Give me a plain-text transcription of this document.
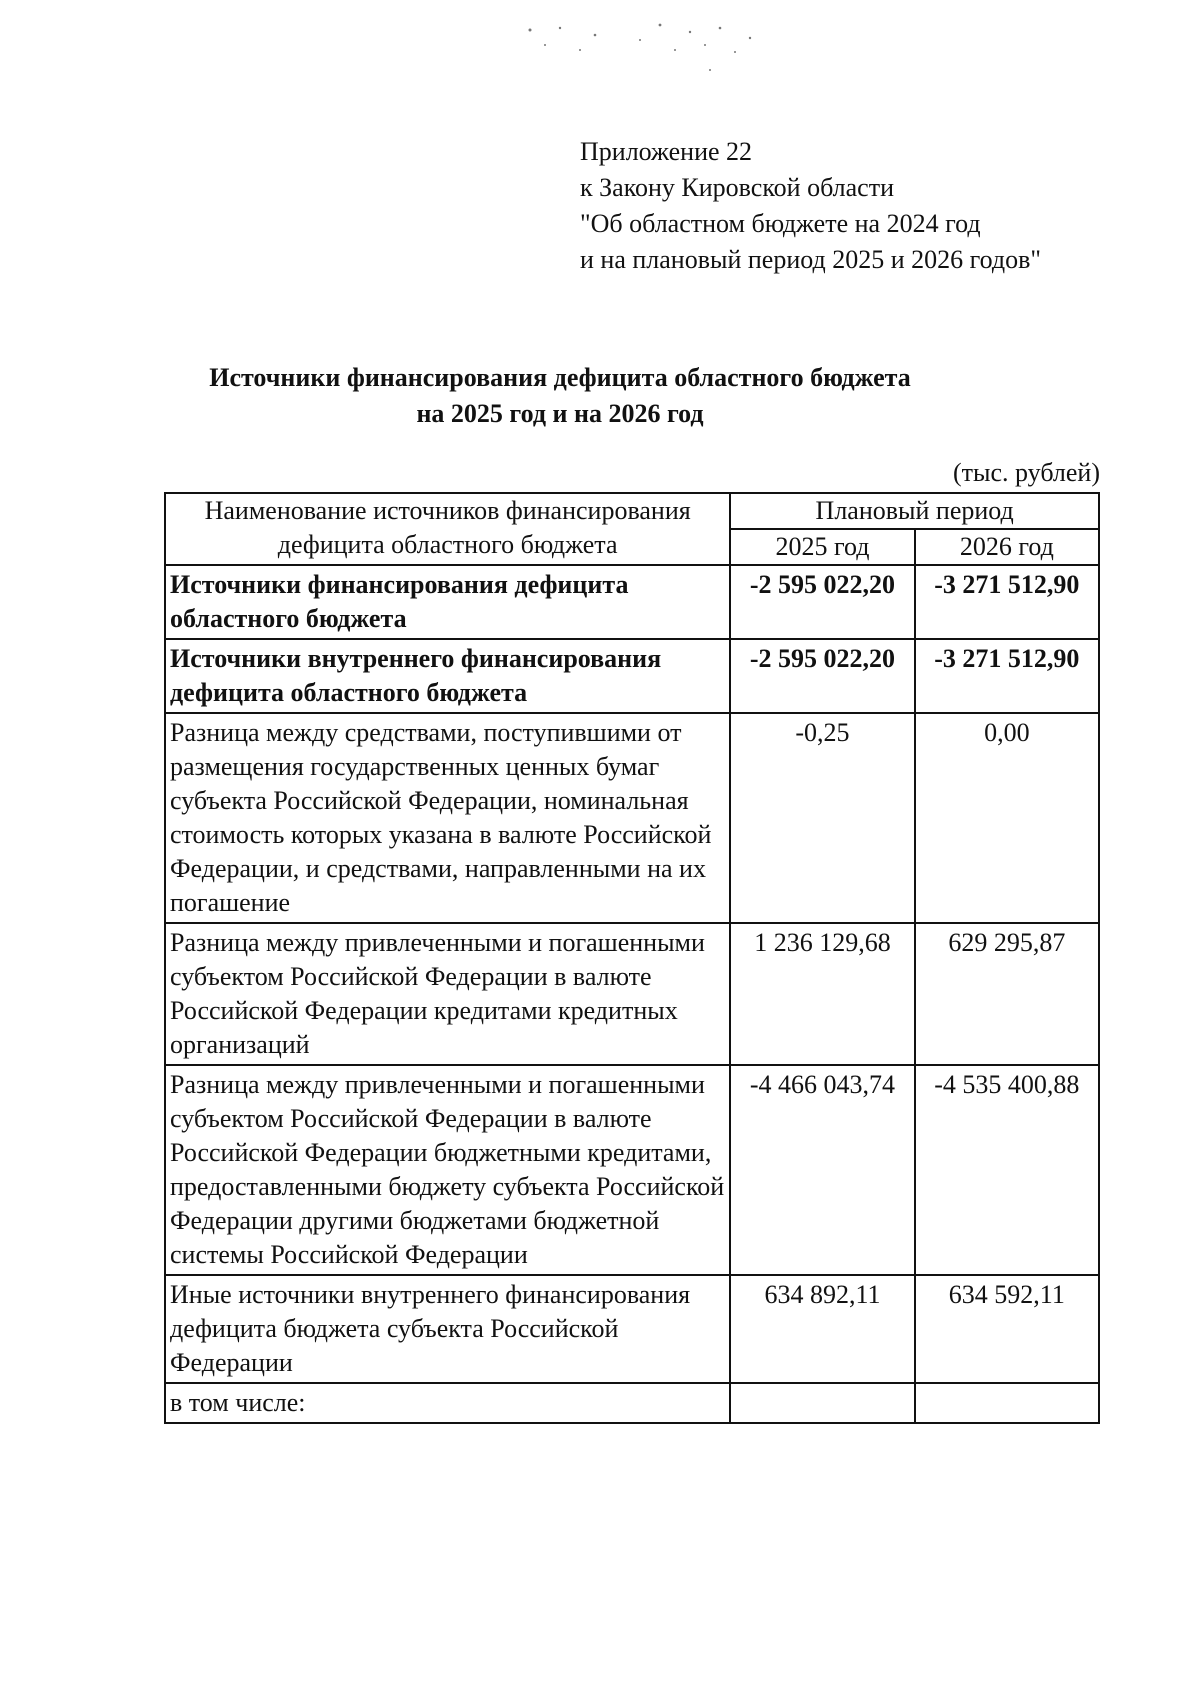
Приложение 22
к Закону Кировской области
"Об областном бюджете на 2024 год
и на плановый период 2025 и 2026 годов"
Источники финансирования дефицита областного бюджета
на 2025 год и на 2026 год
(тыс. рублей)
Наименование источников финансирования дефицита областного бюджета	Плановый период	
	2025 год	2026 год
Источники финансирования дефицита областного бюджета	-2 595 022,20	-3 271 512,90
Источники внутреннего финансирования дефицита областного бюджета	-2 595 022,20	-3 271 512,90
Разница между средствами, поступившими от размещения государственных ценных бумаг субъекта Российской Федерации, номинальная стоимость которых указана в валюте Российской Федерации, и средствами, направленными на их погашение	-0,25	0,00
Разница между привлеченными и погашенными субъектом Российской Федерации в валюте Российской Федерации кредитами кредитных организаций	1 236 129,68	629 295,87
Разница между привлеченными и погашенными субъектом Российской Федерации в валюте Российской Федерации бюджетными кредитами, предоставленными бюджету субъекта Российской Федерации другими бюджетами бюджетной системы Российской Федерации	-4 466 043,74	-4 535 400,88
Иные источники внутреннего финансирования дефицита бюджета субъекта Российской Федерации	634 892,11	634 592,11
в том числе:		
